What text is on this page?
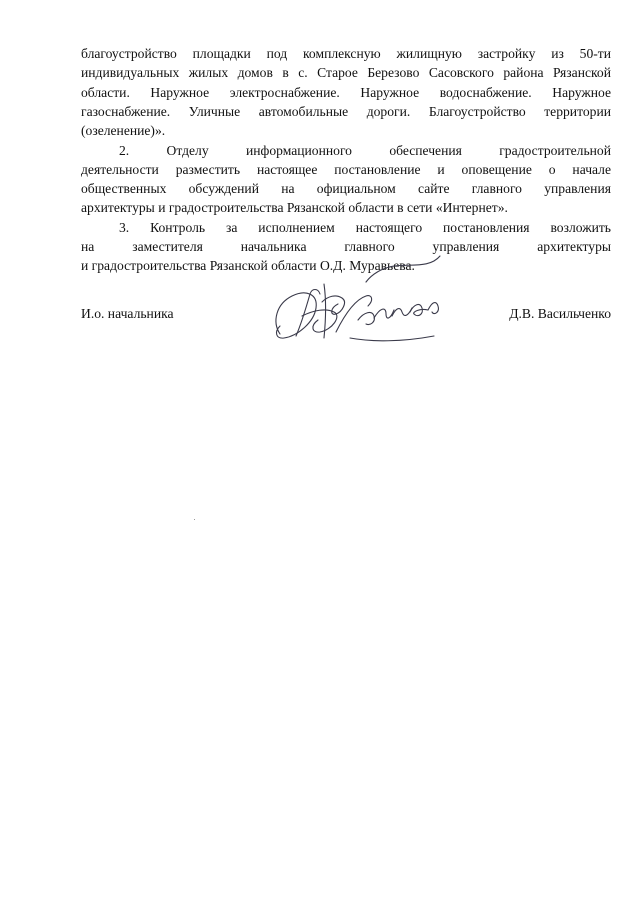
благоустройство площадки под комплексную жилищную застройку из 50-ти
индивидуальных жилых домов в с. Старое Березово Сасовского района Рязанской
области. Наружное электроснабжение. Наружное водоснабжение. Наружное
газоснабжение. Уличные автомобильные дороги. Благоустройство территории
(озеленение)».
2. Отделу информационного обеспечения градостроительной
деятельности разместить настоящее постановление и оповещение о начале
общественных обсуждений на официальном сайте главного управления
архитектуры и градостроительства Рязанской области в сети «Интернет».
3. Контроль за исполнением настоящего постановления возложить
на заместителя начальника главного управления архитектуры
и градостроительства Рязанской области О.Д. Муравьева.
И.о. начальника	Д.В. Васильченко
